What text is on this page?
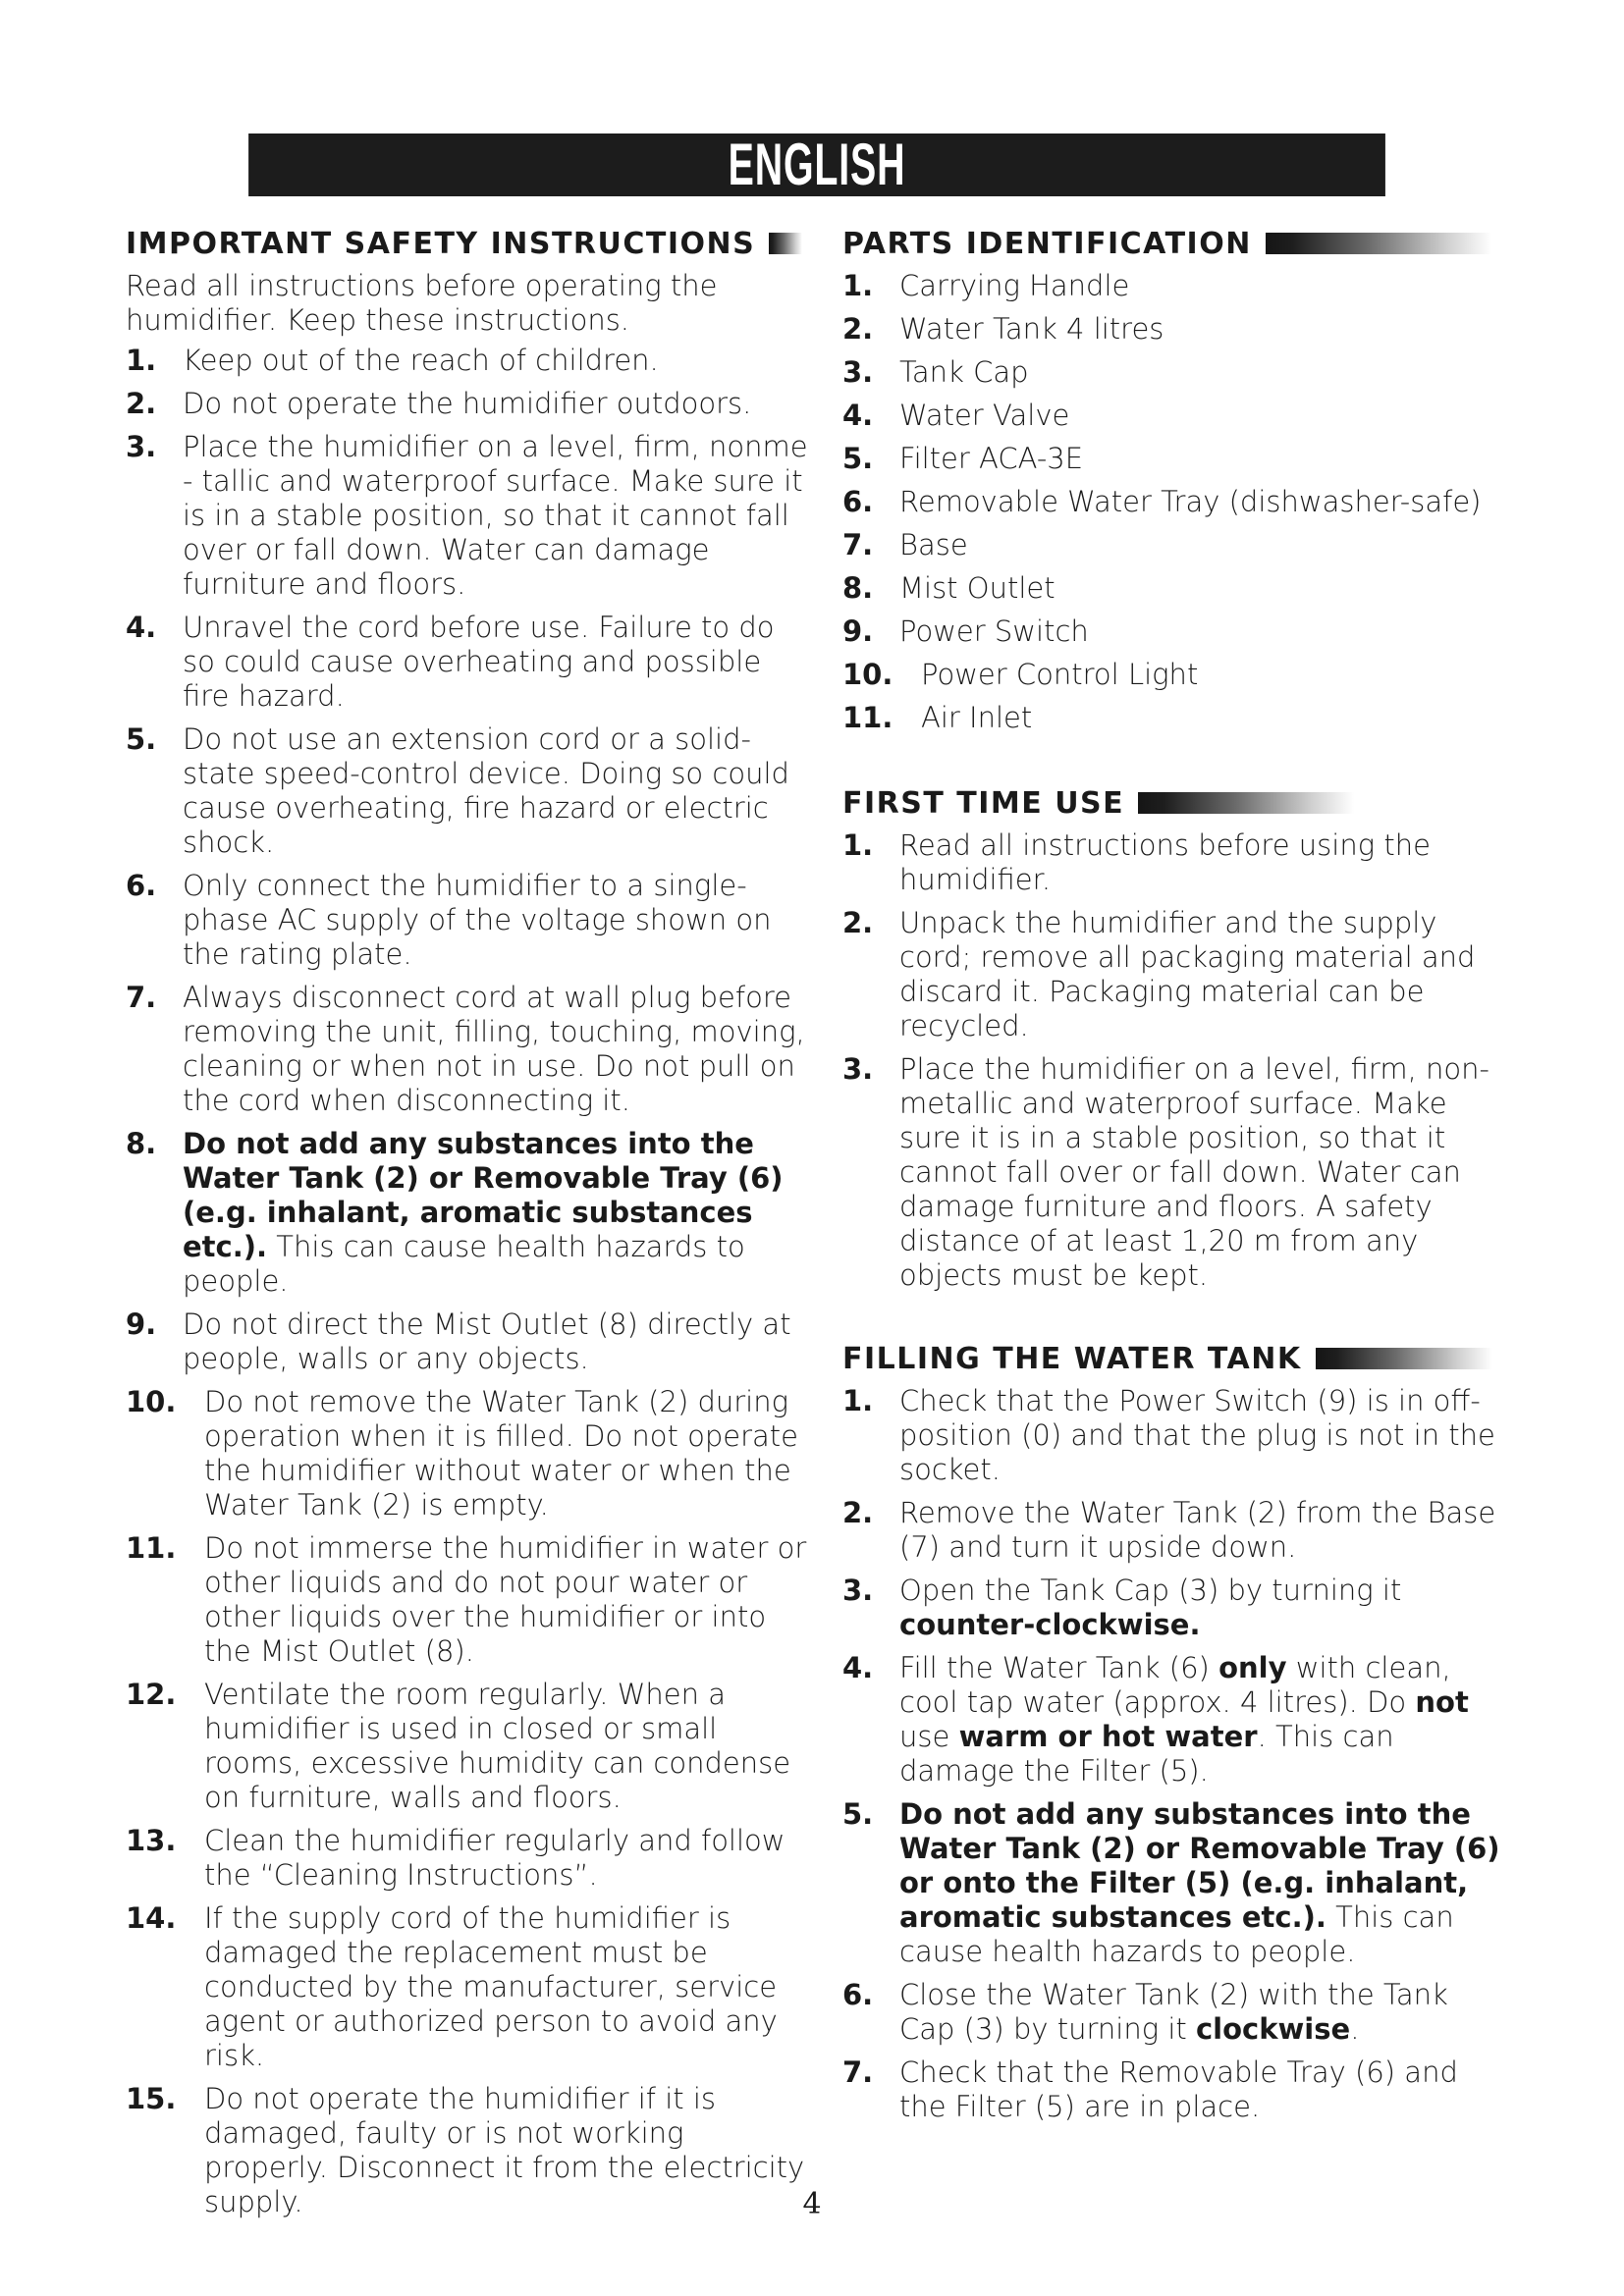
ENGLISH
IMPORTANT SAFETY INSTRUCTIONS

Read all instructions before operating the humidifier. Keep these instructions.

1. Keep out of the reach of children.
2. Do not operate the humidifier outdoors.
3. Place the humidifier on a level, firm, nonme - tallic and waterproof surface. Make sure it is in a stable position, so that it cannot fall over or fall down. Water can damage furniture and floors.
4. Unravel the cord before use. Failure to do so could cause overheating and possible fire hazard.
5. Do not use an extension cord or a solid-state speed-control device. Doing so could cause overheating, fire hazard or electric shock.
6. Only connect the humidifier to a single-phase AC supply of the voltage shown on the rating plate.
7. Always disconnect cord at wall plug before removing the unit, filling, touching, moving, cleaning or when not in use. Do not pull on the cord when disconnecting it.
8. Do not add any substances into the Water Tank (2) or Removable Tray (6) (e.g. inhalant, aromatic substances etc.). This can cause health hazards to people.
9. Do not direct the Mist Outlet (8) directly at people, walls or any objects.
10. Do not remove the Water Tank (2) during operation when it is filled. Do not operate the humidifier without water or when the Water Tank (2) is empty.
11. Do not immerse the humidifier in water or other liquids and do not pour water or other liquids over the humidifier or into the Mist Outlet (8).
12. Ventilate the room regularly. When a humidifier is used in closed or small rooms, excessive humidity can condense on furniture, walls and floors.
13. Clean the humidifier regularly and follow the “Cleaning Instructions”.
14. If the supply cord of the humidifier is damaged the replacement must be conducted by the manufacturer, service agent or authorized person to avoid any risk.
15. Do not operate the humidifier if it is damaged, faulty or is not working properly. Disconnect it from the electricity supply.
PARTS IDENTIFICATION
1. Carrying Handle
2. Water Tank 4 litres
3. Tank Cap
4. Water Valve
5. Filter ACA-3E
6. Removable Water Tray (dishwasher-safe)
7. Base
8. Mist Outlet
9. Power Switch
10. Power Control Light
11. Air Inlet
FIRST TIME USE
1. Read all instructions before using the humidifier.
2. Unpack the humidifier and the supply cord; remove all packaging material and discard it. Packaging material can be recycled.
3. Place the humidifier on a level, firm, non-metallic and waterproof surface. Make sure it is in a stable position, so that it cannot fall over or fall down. Water can damage furniture and floors. A safety distance of at least 1,20 m from any objects must be kept.
FILLING THE WATER TANK
1. Check that the Power Switch (9) is in off-position (0) and that the plug is not in the socket.
2. Remove the Water Tank (2) from the Base (7) and turn it upside down.
3. Open the Tank Cap (3) by turning it counter-clockwise.
4. Fill the Water Tank (6) only with clean, cool tap water (approx. 4 litres). Do not use warm or hot water. This can damage the Filter (5).
5. Do not add any substances into the Water Tank (2) or Removable Tray (6) or onto the Filter (5) (e.g. inhalant, aromatic substances etc.). This can cause health hazards to people.
6. Close the Water Tank (2) with the Tank Cap (3) by turning it clockwise.
7. Check that the Removable Tray (6) and the Filter (5) are in place.
4
